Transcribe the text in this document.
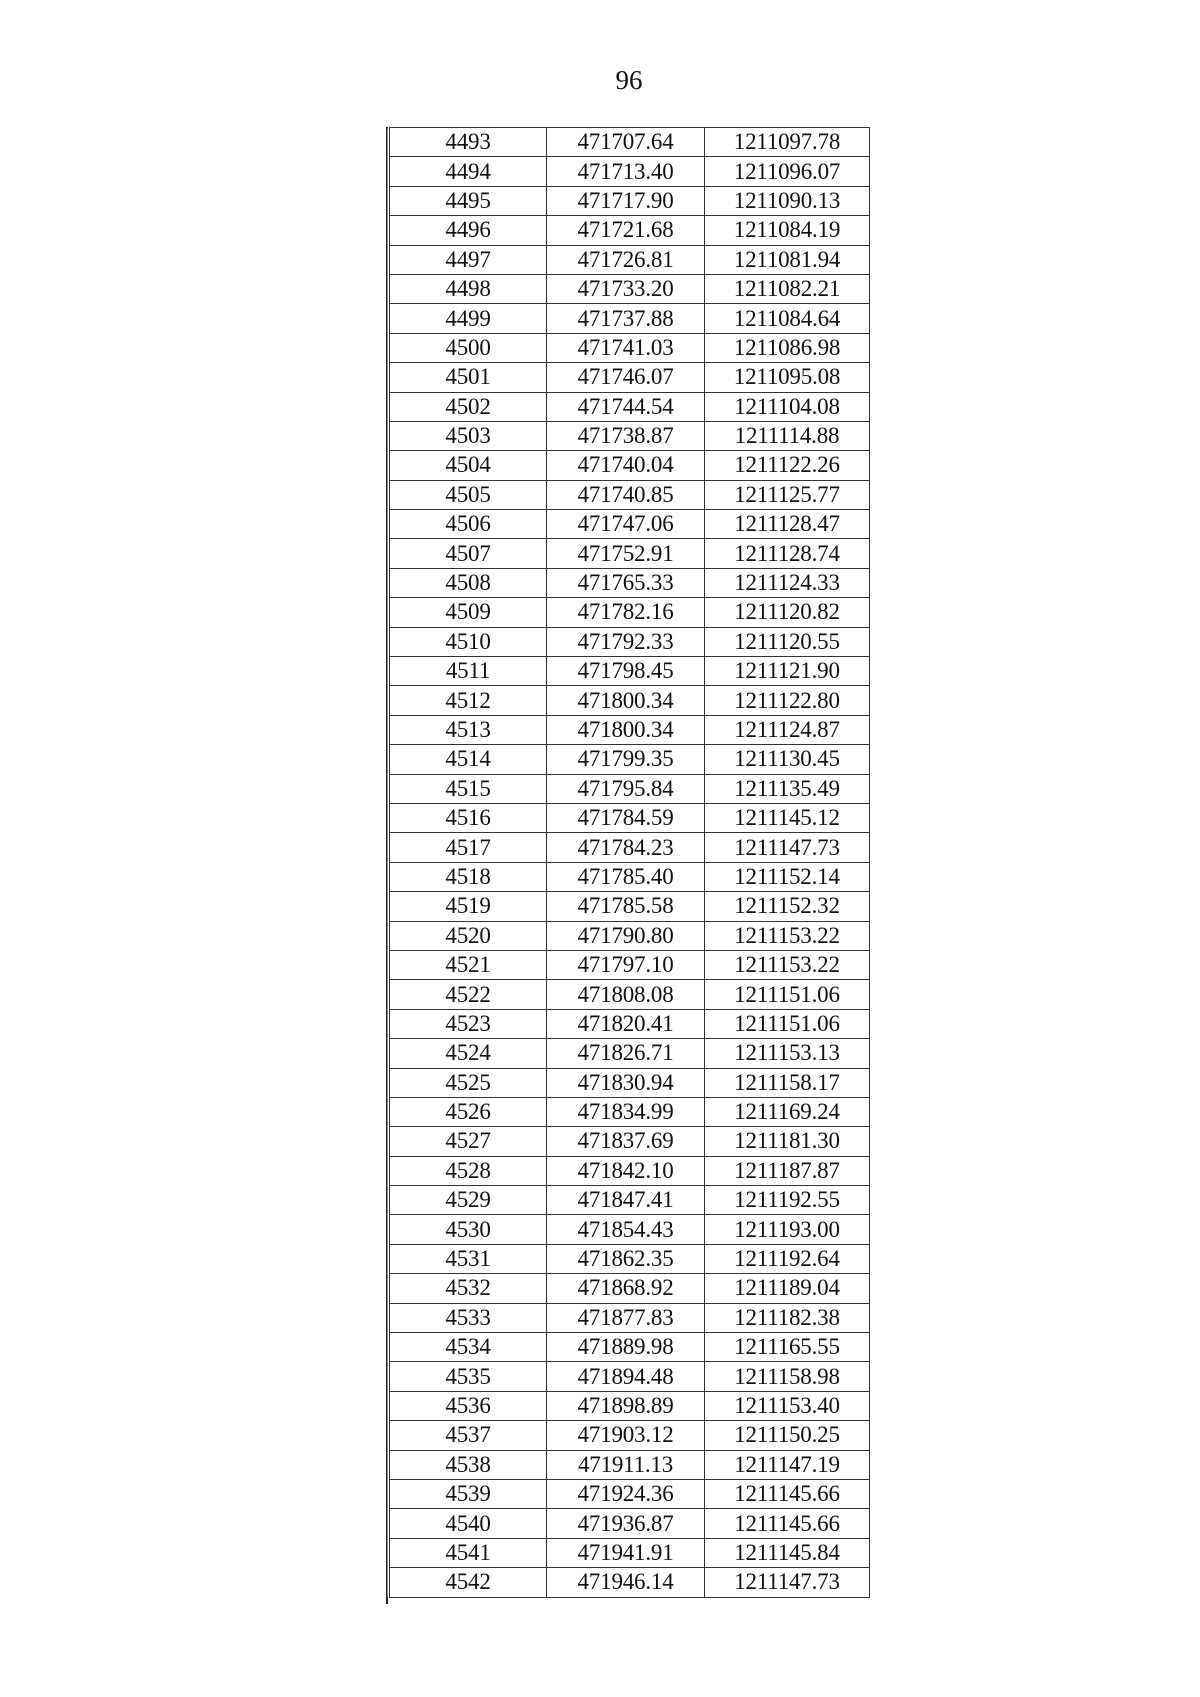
96
4493	471707.64	1211097.78
4494	471713.40	1211096.07
4495	471717.90	1211090.13
4496	471721.68	1211084.19
4497	471726.81	1211081.94
4498	471733.20	1211082.21
4499	471737.88	1211084.64
4500	471741.03	1211086.98
4501	471746.07	1211095.08
4502	471744.54	1211104.08
4503	471738.87	1211114.88
4504	471740.04	1211122.26
4505	471740.85	1211125.77
4506	471747.06	1211128.47
4507	471752.91	1211128.74
4508	471765.33	1211124.33
4509	471782.16	1211120.82
4510	471792.33	1211120.55
4511	471798.45	1211121.90
4512	471800.34	1211122.80
4513	471800.34	1211124.87
4514	471799.35	1211130.45
4515	471795.84	1211135.49
4516	471784.59	1211145.12
4517	471784.23	1211147.73
4518	471785.40	1211152.14
4519	471785.58	1211152.32
4520	471790.80	1211153.22
4521	471797.10	1211153.22
4522	471808.08	1211151.06
4523	471820.41	1211151.06
4524	471826.71	1211153.13
4525	471830.94	1211158.17
4526	471834.99	1211169.24
4527	471837.69	1211181.30
4528	471842.10	1211187.87
4529	471847.41	1211192.55
4530	471854.43	1211193.00
4531	471862.35	1211192.64
4532	471868.92	1211189.04
4533	471877.83	1211182.38
4534	471889.98	1211165.55
4535	471894.48	1211158.98
4536	471898.89	1211153.40
4537	471903.12	1211150.25
4538	471911.13	1211147.19
4539	471924.36	1211145.66
4540	471936.87	1211145.66
4541	471941.91	1211145.84
4542	471946.14	1211147.73
